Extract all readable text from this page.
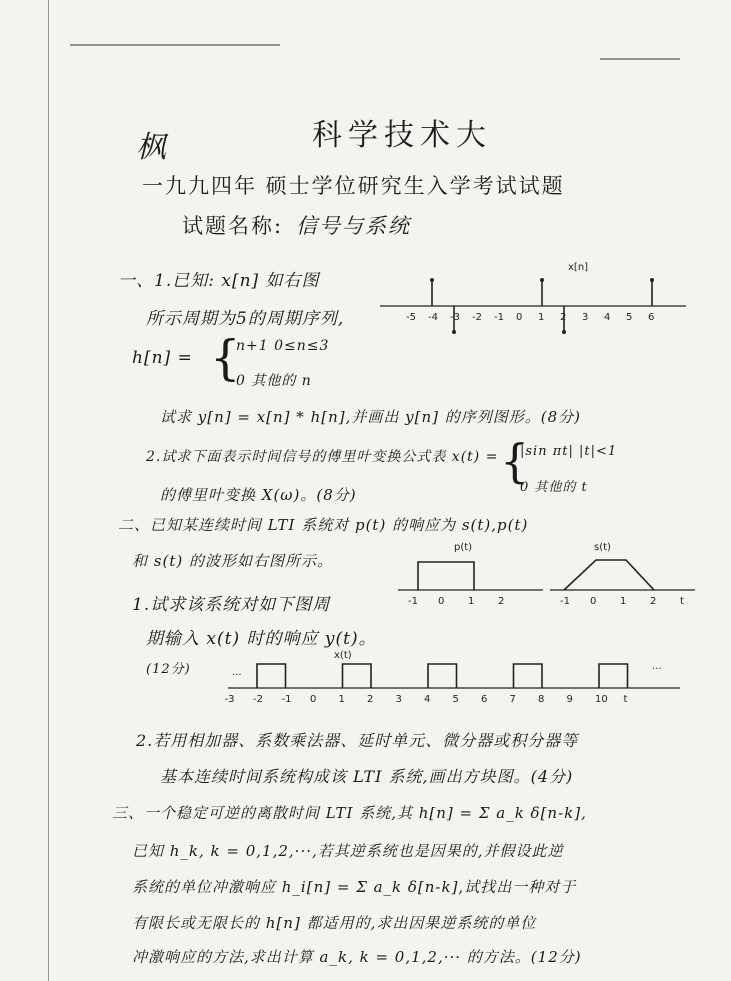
枫	科学技术大
一九九四年 硕士学位研究生入学考试试题
试题名称: 信号与系统
一、1.已知: x[n] 如右图
所示周期为5的周期序列,
h[n] = {
n+1 0≤n≤3
0 其他的 n
试求 y[n] = x[n] * h[n],并画出 y[n] 的序列图形。(8分)
2.试求下面表示时间信号的傅里叶变换公式表 x(t) = {
|sin πt| |t|<1
0 其他的 t
的傅里叶变换 X(ω)。(8分)
x[n]
-5 -4 -3 -2 -1 0 1 2 3 4 5 6
二、已知某连续时间 LTI 系统对 p(t) 的响应为 s(t),p(t)
和 s(t) 的波形如右图所示。
1.试求该系统对如下图周
期输入 x(t) 时的响应 y(t)。
(12分)
p(t)
-1 0 1 2
s(t)
-1 0 1 2 t
x(t)
···
···
-3 -2 -1 0 1 2 3 4 5 6 7 8 9 10 t
2.若用相加器、系数乘法器、延时单元、微分器或积分器等
基本连续时间系统构成该 LTI 系统,画出方块图。(4分)
三、一个稳定可逆的离散时间 LTI 系统,其 h[n] = Σ a_k δ[n-k],
已知 h_k, k = 0,1,2,···,若其逆系统也是因果的,并假设此逆
系统的单位冲激响应 h_i[n] = Σ a_k δ[n-k],试找出一种对于
有限长或无限长的 h[n] 都适用的,求出因果逆系统的单位
冲激响应的方法,求出计算 a_k, k = 0,1,2,··· 的方法。(12分)
